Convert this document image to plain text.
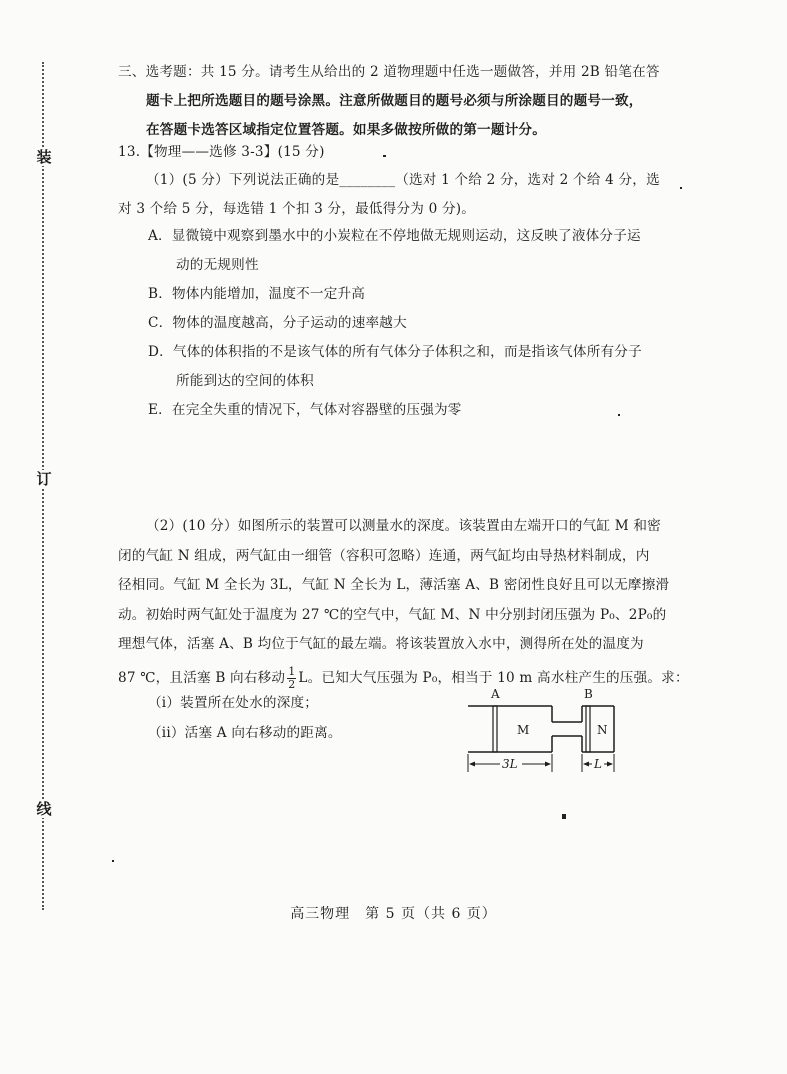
装
订
线
三、选考题：共 15 分。请考生从给出的 2 道物理题中任选一题做答，并用 2B 铅笔在答
题卡上把所选题目的题号涂黑。注意所做题目的题号必须与所涂题目的题号一致，
在答题卡选答区域指定位置答题。如果多做按所做的第一题计分。
13.【物理——选修 3-3】(15 分)
（1）(5 分）下列说法正确的是________（选对 1 个给 2 分，选对 2 个给 4 分，选
对 3 个给 5 分，每选错 1 个扣 3 分，最低得分为 0 分)。
A．显微镜中观察到墨水中的小炭粒在不停地做无规则运动，这反映了液体分子运
动的无规则性
B．物体内能增加，温度不一定升高
C．物体的温度越高，分子运动的速率越大
D．气体的体积指的不是该气体的所有气体分子体积之和，而是指该气体所有分子
所能到达的空间的体积
E．在完全失重的情况下，气体对容器壁的压强为零
（2）(10 分）如图所示的装置可以测量水的深度。该装置由左端开口的气缸 M 和密
闭的气缸 N 组成，两气缸由一细管（容积可忽略）连通，两气缸均由导热材料制成，内
径相同。气缸 M 全长为 3L，气缸 N 全长为 L，薄活塞 A、B 密闭性良好且可以无摩擦滑
动。初始时两气缸处于温度为 27 ℃的空气中，气缸 M、N 中分别封闭压强为 P₀、2P₀的
理想气体，活塞 A、B 均位于气缸的最左端。将该装置放入水中，测得所在处的温度为
87 ℃，且活塞 B 向右移动 $\frac{1}{2}$ L。已知大气压强为 P₀，相当于 10 m 高水柱产生的压强。求：
（i）装置所在处水的深度；
（ii）活塞 A 向右移动的距离。
A	B
M	N
3L	L
高三物理　第 5 页（共 6 页）
